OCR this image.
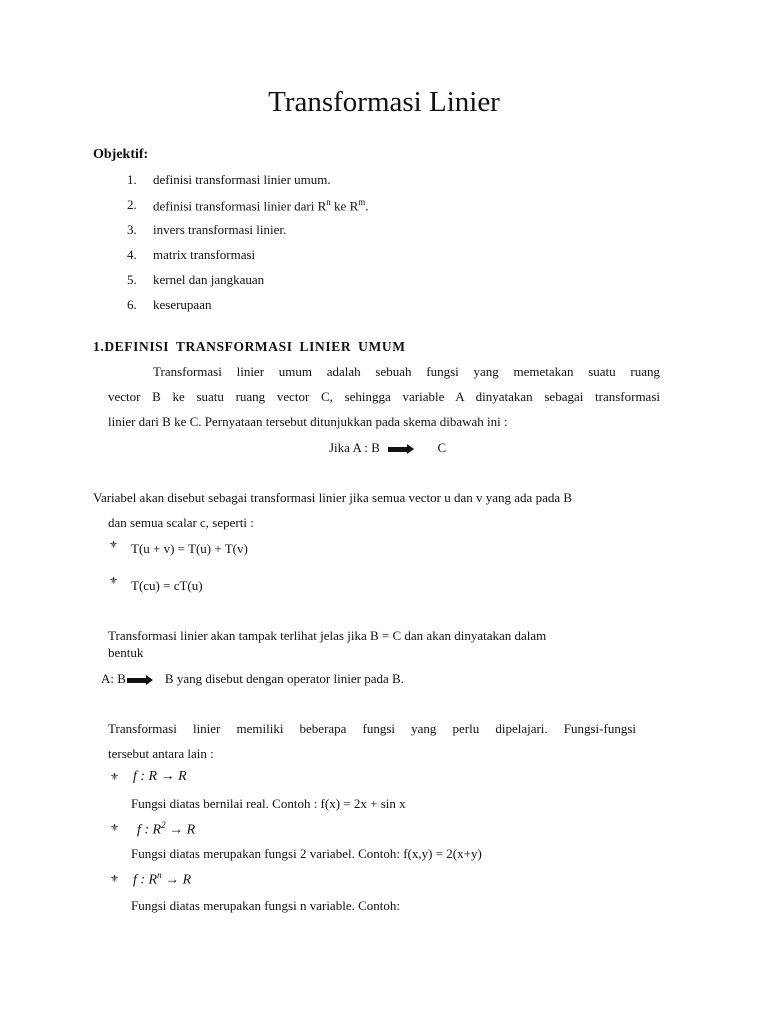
Transformasi Linier
Objektif:
1. definisi transformasi linier umum.
2. definisi transformasi linier dari $R^n$ ke $R^m$.
3. invers transformasi linier.
4. matrix transformasi
5. kernel dan jangkauan
6. keserupaan
1.DEFINISI TRANSFORMASI LINIER UMUM
Transformasi linier umum adalah sebuah fungsi yang memetakan suatu ruang
vector B ke suatu ruang vector C, sehingga variable A dinyatakan sebagai transformasi
linier dari B ke C. Pernyataan tersebut ditunjukkan pada skema dibawah ini :
Jika A : B	C
Variabel akan disebut sebagai transformasi linier jika semua vector u dan v yang ada pada B
dan semua scalar c, seperti :
⚜ T(u + v) = T(u) + T(v)
⚜ T(cu) = cT(u)
Transformasi linier akan tampak terlihat jelas jika B = C dan akan dinyatakan dalam
bentuk
A: B	B yang disebut dengan operator linier pada B.
Transformasi linier memiliki beberapa fungsi yang perlu dipelajari. Fungsi-fungsi
tersebut antara lain :
⚜ f : R → R
Fungsi diatas bernilai real. Contoh : f(x) = 2x + sin x
⚜ f : $R^2 \to R$
Fungsi diatas merupakan fungsi 2 variabel. Contoh: f(x,y) = 2(x+y)
⚜ f : $R^n \to R$
Fungsi diatas merupakan fungsi n variable. Contoh:
